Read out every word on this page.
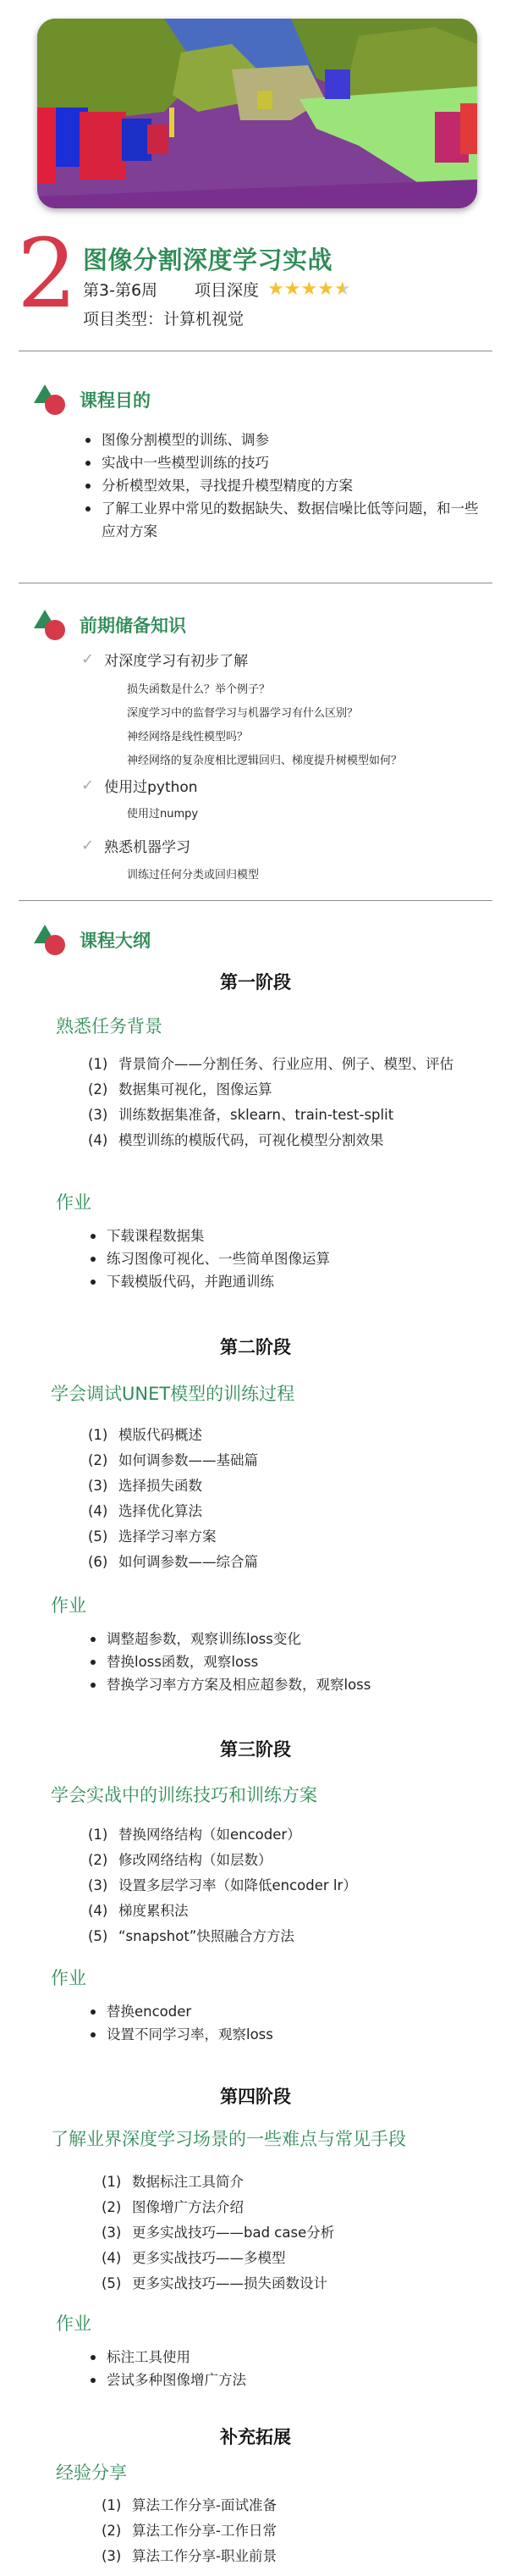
2 图像分割深度学习实战
第3-第6周 项目深度 ★ ★ ★ ★ ★
项目类型：计算机视觉
课程目的
图像分割模型的训练、调参
实战中一些模型训练的技巧
分析模型效果，寻找提升模型精度的方案
了解工业界中常见的数据缺失、数据信噪比低等问题，和一些应对方案
前期储备知识
✓ 对深度学习有初步了解
损失函数是什么？举个例子？
深度学习中的监督学习与机器学习有什么区别？
神经网络是线性模型吗？
神经网络的复杂度相比逻辑回归、梯度提升树模型如何？
✓ 使用过python
使用过numpy
✓ 熟悉机器学习
训练过任何分类或回归模型
课程大纲
第一阶段
熟悉任务背景
(1) 背景简介——分割任务、行业应用、例子、模型、评估
(2) 数据集可视化，图像运算
(3) 训练数据集准备，sklearn、train-test-split
(4) 模型训练的模版代码，可视化模型分割效果
作业
下载课程数据集
练习图像可视化、一些简单图像运算
下载模版代码，并跑通训练
第二阶段
学会调试UNET模型的训练过程
(1) 模版代码概述
(2) 如何调参数——基础篇
(3) 选择损失函数
(4) 选择优化算法
(5) 选择学习率方案
(6) 如何调参数——综合篇
作业
调整超参数，观察训练loss变化
替换loss函数，观察loss
替换学习率方方案及相应超参数，观察loss
第三阶段
学会实战中的训练技巧和训练方案
(1) 替换网络结构（如encoder）
(2) 修改网络结构（如层数）
(3) 设置多层学习率（如降低encoder lr）
(4) 梯度累积法
(5) “snapshot”快照融合方方法
作业
替换encoder
设置不同学习率，观察loss
第四阶段
了解业界深度学习场景的一些难点与常见手段
(1) 数据标注工具简介
(2) 图像增广方法介绍
(3) 更多实战技巧——bad case分析
(4) 更多实战技巧——多模型
(5) 更多实战技巧——损失函数设计
作业
标注工具使用
尝试多种图像增广方法
补充拓展
经验分享
(1) 算法工作分享-面试准备
(2) 算法工作分享-工作日常
(3) 算法工作分享-职业前景
